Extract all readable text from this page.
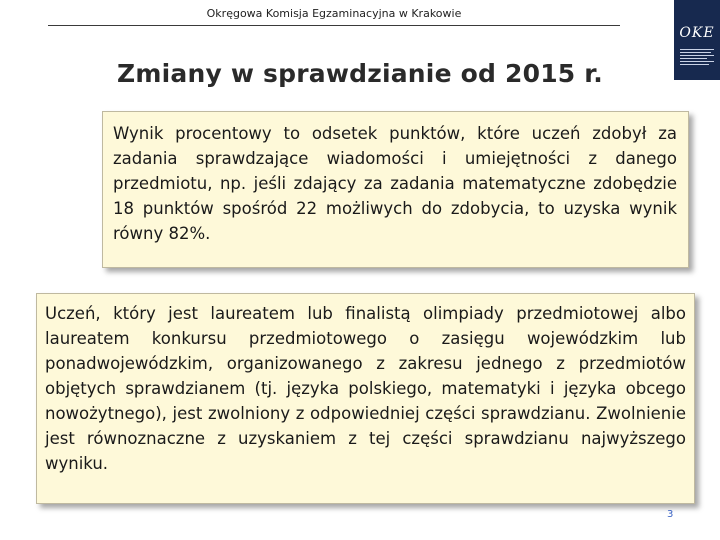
Okręgowa Komisja Egzaminacyjna w Krakowie
OKE
Zmiany w sprawdzianie od 2015 r.
Wynik procentowy to odsetek punktów, które uczeń zdobył za zadania sprawdzające wiadomości i umiejętności z danego przedmiotu, np. jeśli zdający za zadania matematyczne zdobędzie 18 punktów spośród 22 możliwych do zdobycia, to uzyska wynik równy 82%.
Uczeń, który jest laureatem lub finalistą olimpiady przedmiotowej albo laureatem konkursu przedmiotowego o zasięgu wojewódzkim lub ponadwojewódzkim, organizowanego z zakresu jednego z przedmiotów objętych sprawdzianem (tj. języka polskiego, matematyki i języka obcego nowożytnego), jest zwolniony z odpowiedniej części sprawdzianu. Zwolnienie jest równoznaczne z uzyskaniem z tej części sprawdzianu najwyższego wyniku.
3
